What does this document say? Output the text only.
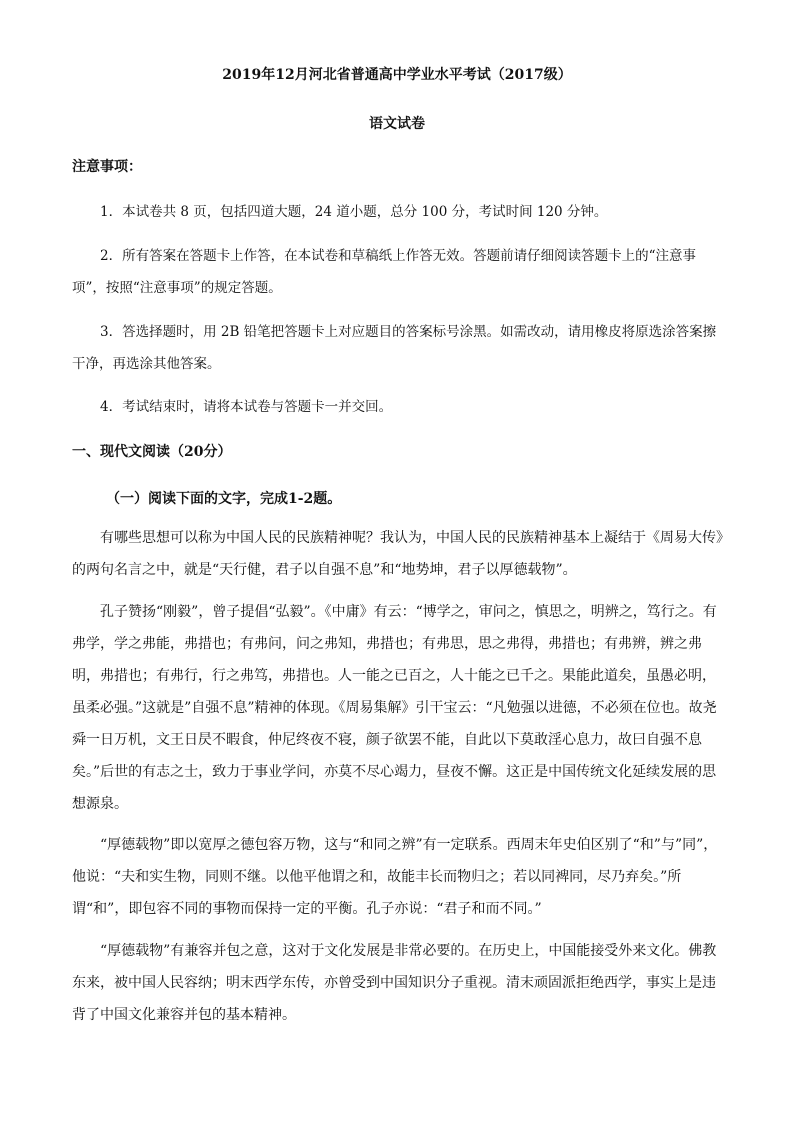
2019年12月河北省普通高中学业水平考试（2017级）
语文试卷
注意事项：
1．本试卷共 8 页，包括四道大题，24 道小题，总分 100 分，考试时间 120 分钟。
2．所有答案在答题卡上作答，在本试卷和草稿纸上作答无效。答题前请仔细阅读答题卡上的“注意事项”，按照“注意事项”的规定答题。
3．答选择题时，用 2B 铅笔把答题卡上对应题目的答案标号涂黑。如需改动，请用橡皮将原选涂答案擦干净，再选涂其他答案。
4．考试结束时，请将本试卷与答题卡一并交回。
一、现代文阅读（20分）
（一）阅读下面的文字，完成1-2题。
有哪些思想可以称为中国人民的民族精神呢？我认为，中国人民的民族精神基本上凝结于《周易大传》的两句名言之中，就是“天行健，君子以自强不息”和“地势坤，君子以厚德载物”。
孔子赞扬“刚毅”，曾子提倡“弘毅”。《中庸》有云：“博学之，审问之，慎思之，明辨之，笃行之。有弗学，学之弗能，弗措也；有弗问，问之弗知，弗措也；有弗思，思之弗得，弗措也；有弗辨，辨之弗明，弗措也；有弗行，行之弗笃，弗措也。人一能之已百之，人十能之已千之。果能此道矣，虽愚必明，虽柔必强。”这就是”自强不息”精神的体现。《周易集解》引干宝云：“凡勉强以进德，不必须在位也。故尧舜一日万机，文王日昃不暇食，仲尼终夜不寝，颜子欲罢不能，自此以下莫敢淫心息力，故曰自强不息矣。”后世的有志之士，致力于事业学问，亦莫不尽心竭力，昼夜不懈。这正是中国传统文化延续发展的思想源泉。
“厚德载物”即以宽厚之德包容万物，这与“和同之辨”有一定联系。西周末年史伯区别了“和”与”同”，他说：“夫和实生物，同则不继。以他平他谓之和，故能丰长而物归之；若以同裨同，尽乃弃矣。”所谓“和”，即包容不同的事物而保持一定的平衡。孔子亦说：“君子和而不同。”
“厚德载物”有兼容并包之意，这对于文化发展是非常必要的。在历史上，中国能接受外来文化。佛教东来，被中国人民容纳；明末西学东传，亦曾受到中国知识分子重视。清末顽固派拒绝西学，事实上是违背了中国文化兼容并包的基本精神。
